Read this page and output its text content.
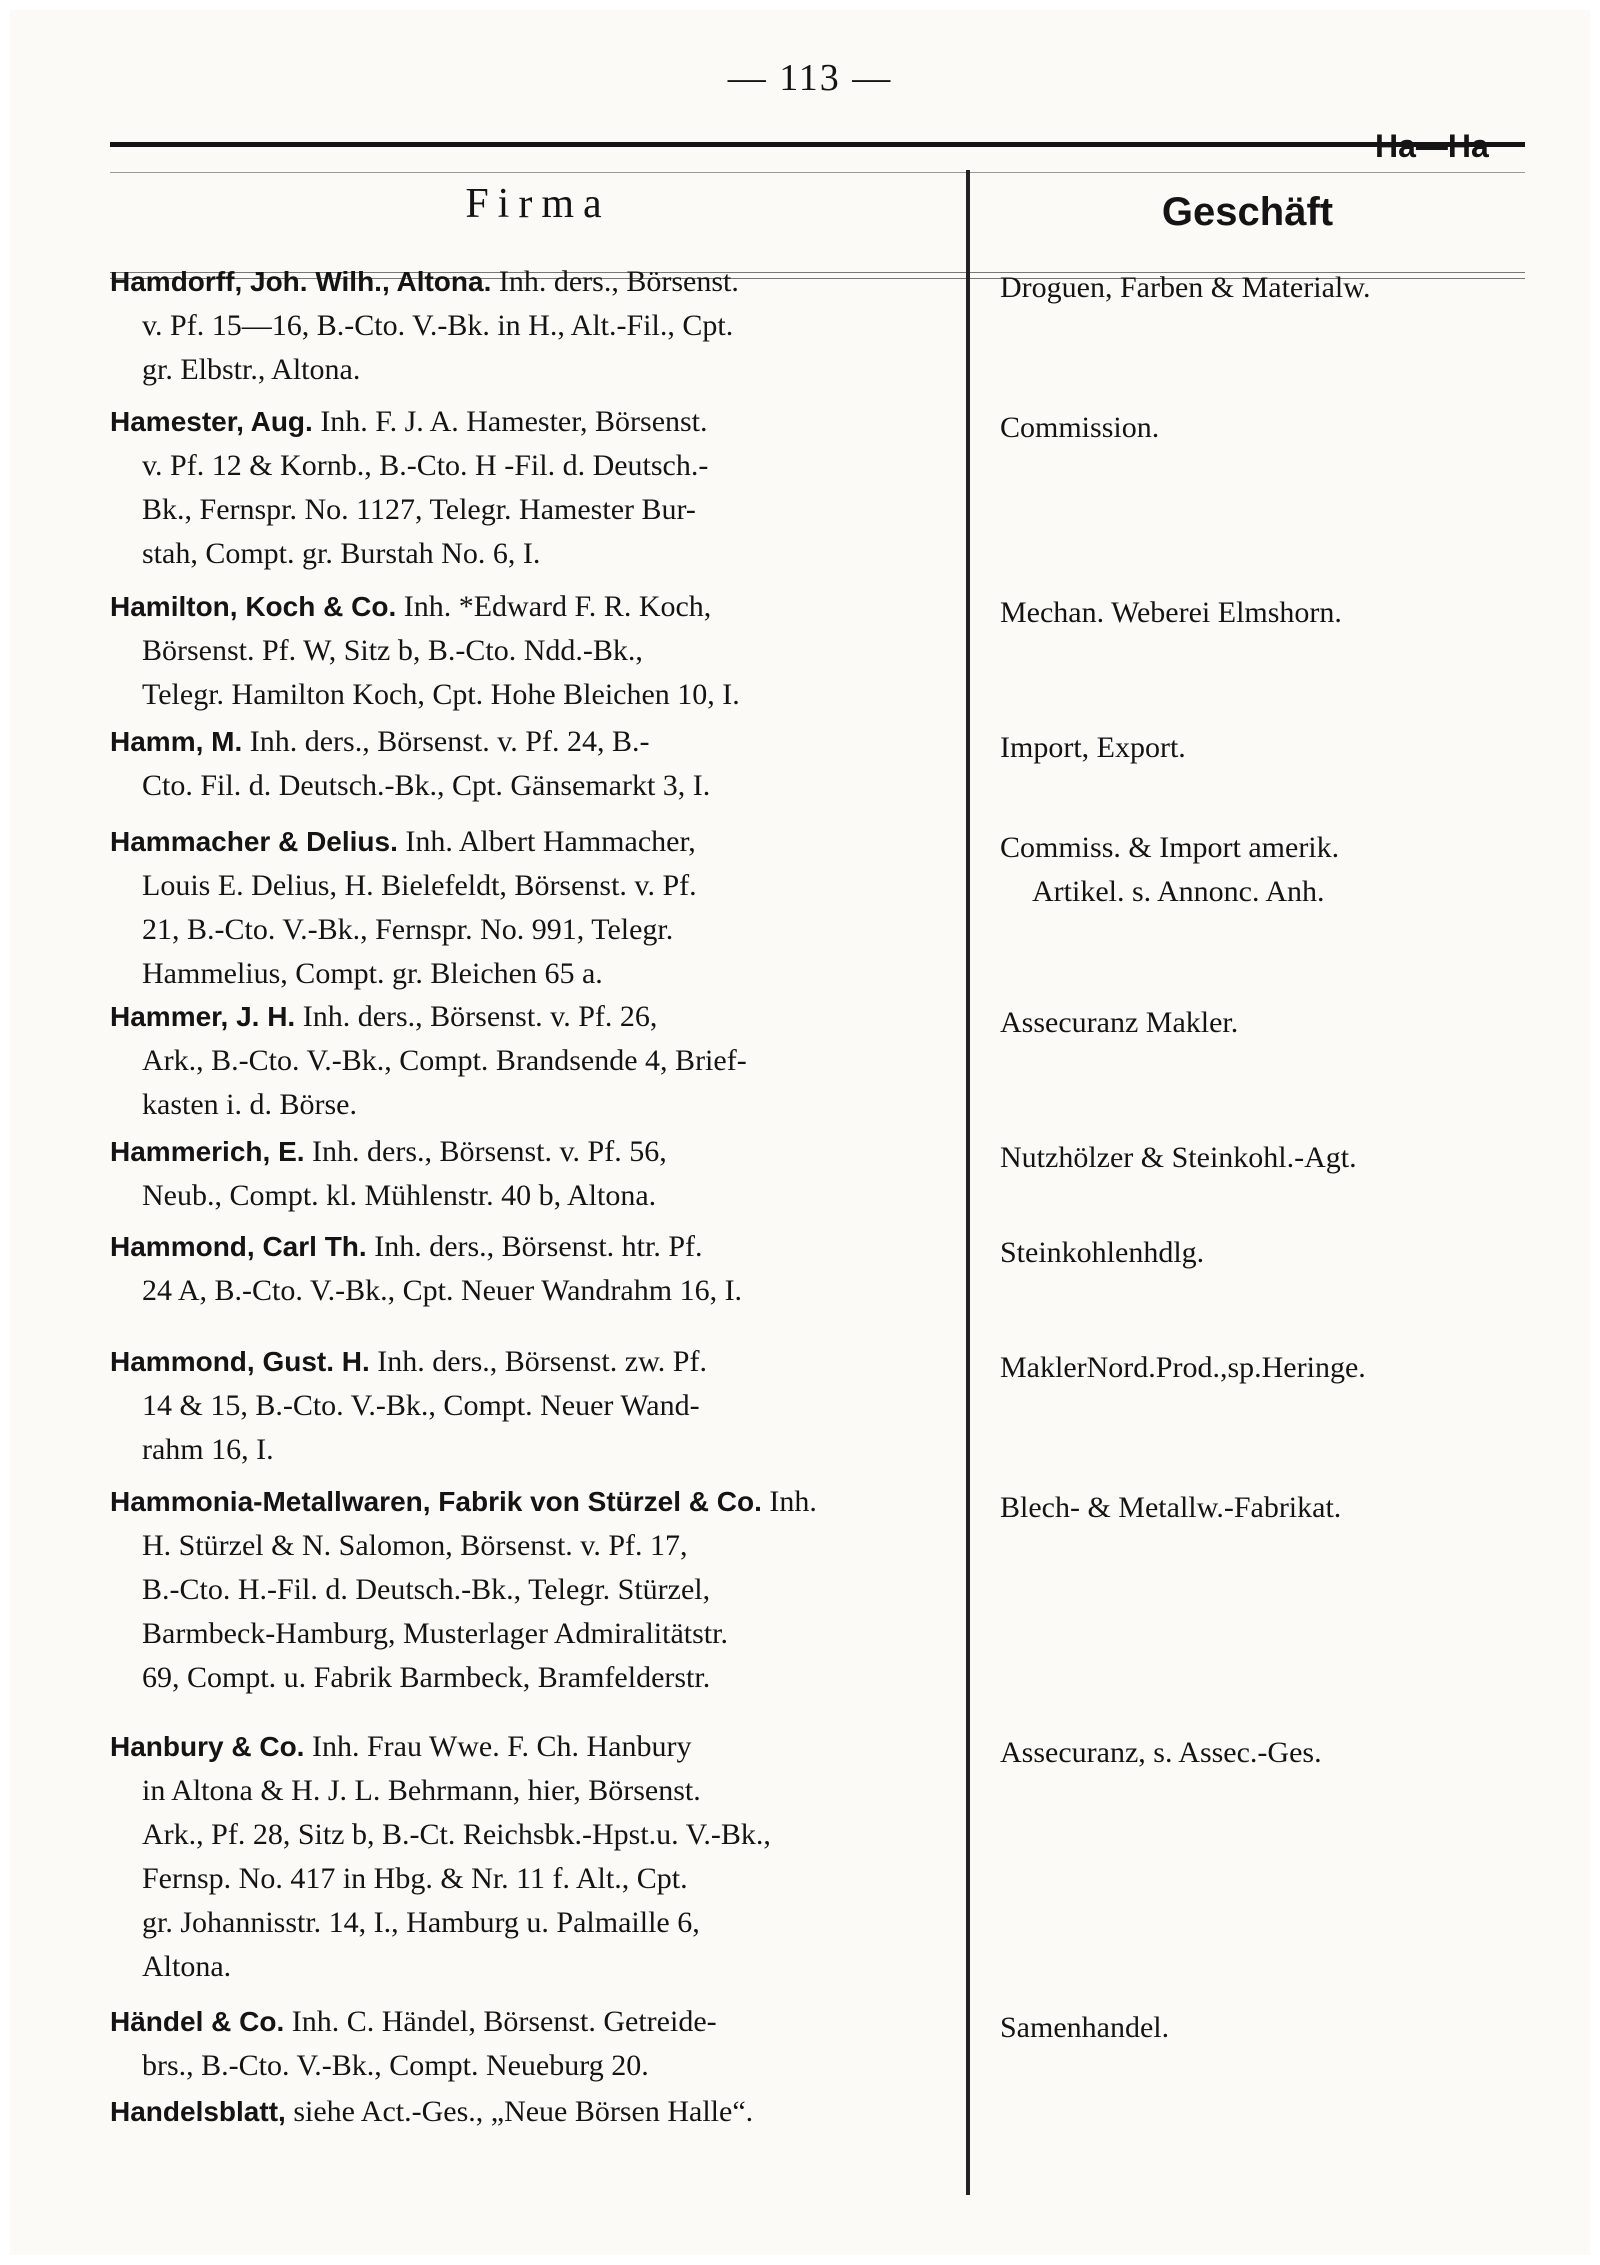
— 113 —
Firma	Geschäft
Hamdorff, Joh. Wilh., Altona. Inh. ders., Börsenst.
v. Pf. 15—16, B.-Cto. V.-Bk. in H., Alt.-Fil., Cpt.
gr. Elbstr., Altona.
Droguen, Farben & Materialw.
Hamester, Aug. Inh. F. J. A. Hamester, Börsenst.
v. Pf. 12 & Kornb., B.-Cto. H -Fil. d. Deutsch.-
Bk., Fernspr. No. 1127, Telegr. Hamester Bur-
stah, Compt. gr. Burstah No. 6, I.
Commission.
Hamilton, Koch & Co. Inh. *Edward F. R. Koch,
Börsenst. Pf. W, Sitz b, B.-Cto. Ndd.-Bk.,
Telegr. Hamilton Koch, Cpt. Hohe Bleichen 10, I.
Mechan. Weberei Elmshorn.
Hamm, M. Inh. ders., Börsenst. v. Pf. 24, B.-
Cto. Fil. d. Deutsch.-Bk., Cpt. Gänsemarkt 3, I.
Import, Export.
Hammacher & Delius. Inh. Albert Hammacher,
Louis E. Delius, H. Bielefeldt, Börsenst. v. Pf.
21, B.-Cto. V.-Bk., Fernspr. No. 991, Telegr.
Hammelius, Compt. gr. Bleichen 65 a.
Commiss. & Import amerik.
Artikel. s. Annonc. Anh.
Hammer, J. H. Inh. ders., Börsenst. v. Pf. 26,
Ark., B.-Cto. V.-Bk., Compt. Brandsende 4, Brief-
kasten i. d. Börse.
Assecuranz Makler.
Hammerich, E. Inh. ders., Börsenst. v. Pf. 56,
Neub., Compt. kl. Mühlenstr. 40 b, Altona.
Nutzhölzer & Steinkohl.-Agt.
Hammond, Carl Th. Inh. ders., Börsenst. htr. Pf.
24 A, B.-Cto. V.-Bk., Cpt. Neuer Wandrahm 16, I.
Steinkohlenhdlg.
Hammond, Gust. H. Inh. ders., Börsenst. zw. Pf.
14 & 15, B.-Cto. V.-Bk., Compt. Neuer Wand-
rahm 16, I.
MaklerNord.Prod.,sp.Heringe.
Hammonia-Metallwaren, Fabrik von Stürzel & Co. Inh.
H. Stürzel & N. Salomon, Börsenst. v. Pf. 17,
B.-Cto. H.-Fil. d. Deutsch.-Bk., Telegr. Stürzel,
Barmbeck-Hamburg, Musterlager Admiralitätstr.
69, Compt. u. Fabrik Barmbeck, Bramfelderstr.
Blech- & Metallw.-Fabrikat.
Hanbury & Co. Inh. Frau Wwe. F. Ch. Hanbury
in Altona & H. J. L. Behrmann, hier, Börsenst.
Ark., Pf. 28, Sitz b, B.-Ct. Reichsbk.-Hpst.u. V.-Bk.,
Fernsp. No. 417 in Hbg. & Nr. 11 f. Alt., Cpt.
gr. Johannisstr. 14, I., Hamburg u. Palmaille 6,
Altona.
Assecuranz, s. Assec.-Ges.
Händel & Co. Inh. C. Händel, Börsenst. Getreide-
brs., B.-Cto. V.-Bk., Compt. Neueburg 20.
Samenhandel.
Handelsblatt, siehe Act.-Ges., „Neue Börsen Halle“.
